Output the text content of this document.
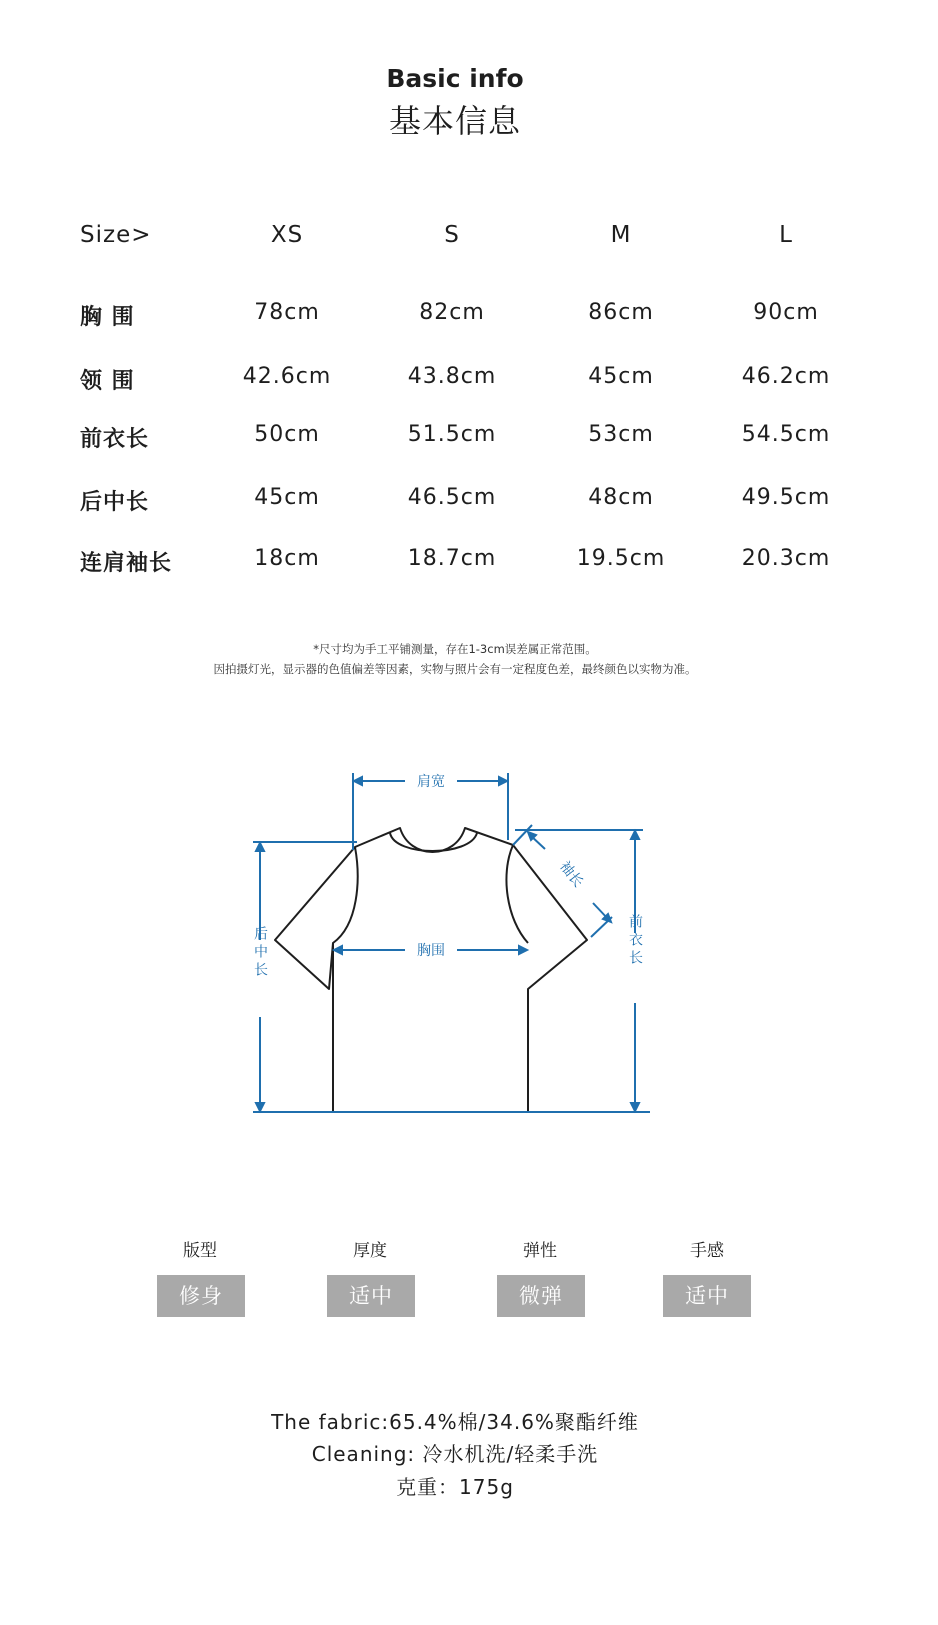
Basic info
基本信息
Size>	XS	S	M	L
胸 围	78cm	82cm	86cm	90cm
领 围	42.6cm	43.8cm	45cm	46.2cm
前衣长	50cm	51.5cm	53cm	54.5cm
后中长	45cm	46.5cm	48cm	49.5cm
连肩袖长	18cm	18.7cm	19.5cm	20.3cm
*尺寸均为手工平铺测量，存在1-3cm误差属正常范围。
因拍摄灯光，显示器的色值偏差等因素，实物与照片会有一定程度色差，最终颜色以实物为准。
肩宽
胸围
袖长
后中长	前衣长
版型
修身
厚度
适中
弹性
微弹
手感
适中
The fabric:65.4%棉/34.6%聚酯纤维
Cleaning: 冷水机洗/轻柔手洗
克重：175g
